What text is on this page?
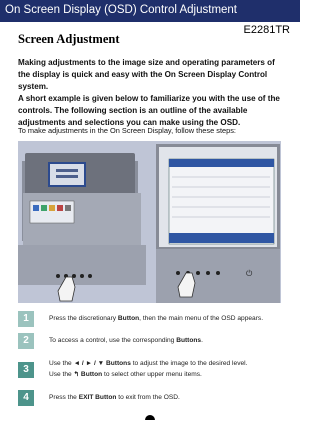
On Screen Display (OSD) Control Adjustment
E2281TR
Screen Adjustment

Making adjustments to the image size and operating parameters of

the display is quick and easy with the On Screen Display Control

system.

A short example is given below to familiarize you with the use of the

controls. The following section is an outline of the available

adjustments and selections you can make using the OSD.

To make adjustments in the On Screen Display, follow these steps:
⏻
1	Press the discretionary Button, then the main menu of the OSD appears.
2	To access a control, use the corresponding Buttons.
3
Use the ◄ / ► / ▼ Buttons to adjust the image to the desired level.
Use the ↰ Button to select other upper menu items.
4	Press the EXIT Button to exit from the OSD.
